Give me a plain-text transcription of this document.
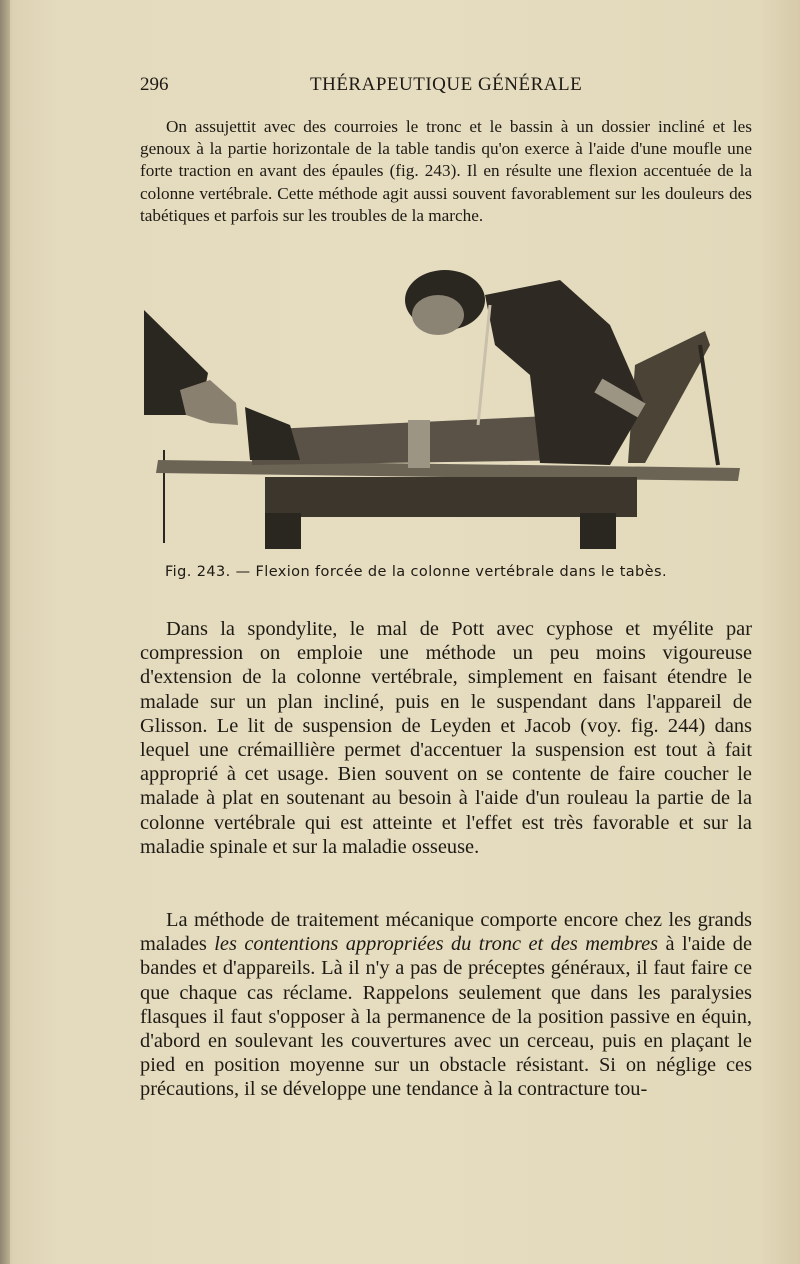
296	THÉRAPEUTIQUE GÉNÉRALE

On assujettit avec des courroies le tronc et le bassin à un dossier incliné et les genoux à la partie horizontale de la table tandis qu'on exerce à l'aide d'une moufle une forte traction en avant des épaules (fig. 243). Il en résulte une flexion accentuée de la colonne vertébrale. Cette méthode agit aussi souvent favorablement sur les douleurs des tabétiques et parfois sur les troubles de la marche.

Fig. 243. — Flexion forcée de la colonne vertébrale dans le tabès.

Dans la spondylite, le mal de Pott avec cyphose et myélite par compression on emploie une méthode un peu moins vigoureuse d'extension de la colonne vertébrale, simplement en faisant étendre le malade sur un plan incliné, puis en le suspendant dans l'appareil de Glisson. Le lit de suspension de Leyden et Jacob (voy. fig. 244) dans lequel une crémaillière permet d'accentuer la suspension est tout à fait approprié à cet usage. Bien souvent on se contente de faire coucher le malade à plat en soutenant au besoin à l'aide d'un rouleau la partie de la colonne vertébrale qui est atteinte et l'effet est très favorable et sur la maladie spinale et sur la maladie osseuse.

La méthode de traitement mécanique comporte encore chez les grands malades les contentions appropriées du tronc et des membres à l'aide de bandes et d'appareils. Là il n'y a pas de préceptes généraux, il faut faire ce que chaque cas réclame. Rappelons seulement que dans les paralysies flasques il faut s'opposer à la permanence de la position passive en équin, d'abord en soulevant les couvertures avec un cerceau, puis en plaçant le pied en position moyenne sur un obstacle résistant. Si on néglige ces précautions, il se développe une tendance à la contracture tou-
